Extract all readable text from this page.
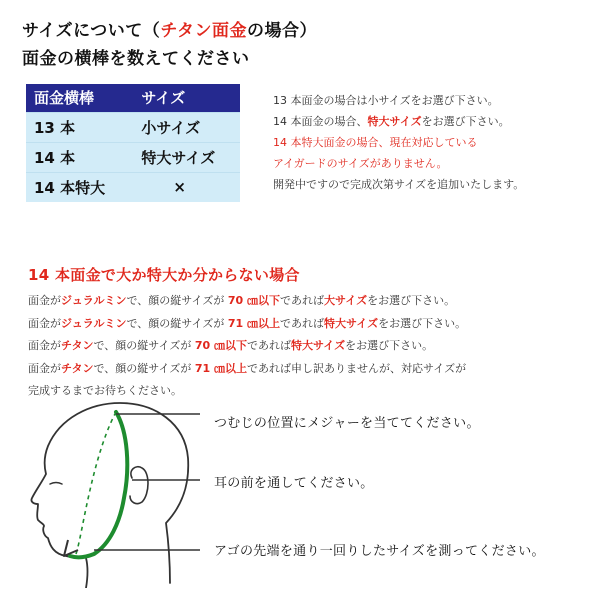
サイズについて（チタン面金の場合）
面金の横棒を数えてください
面金横棒	サイズ
13 本	小サイズ
14 本	特大サイズ
14 本特大	×
13 本面金の場合は小サイズをお選び下さい。
14 本面金の場合、特大サイズをお選び下さい。
14 本特大面金の場合、現在対応している
アイガードのサイズがありません。
開発中ですので完成次第サイズを追加いたします。
14 本面金で大か特大か分からない場合
面金がジュラルミンで、顔の縦サイズが 70 ㎝以下であれば大サイズをお選び下さい。
面金がジュラルミンで、顔の縦サイズが 71 ㎝以上であれば特大サイズをお選び下さい。
面金がチタンで、顔の縦サイズが 70 ㎝以下であれば特大サイズをお選び下さい。
面金がチタンで、顔の縦サイズが 71 ㎝以上であれば申し訳ありませんが、対応サイズが
完成するまでお待ちください。
つむじの位置にメジャーを当ててください。
耳の前を通してください。
アゴの先端を通り一回りしたサイズを測ってください。
